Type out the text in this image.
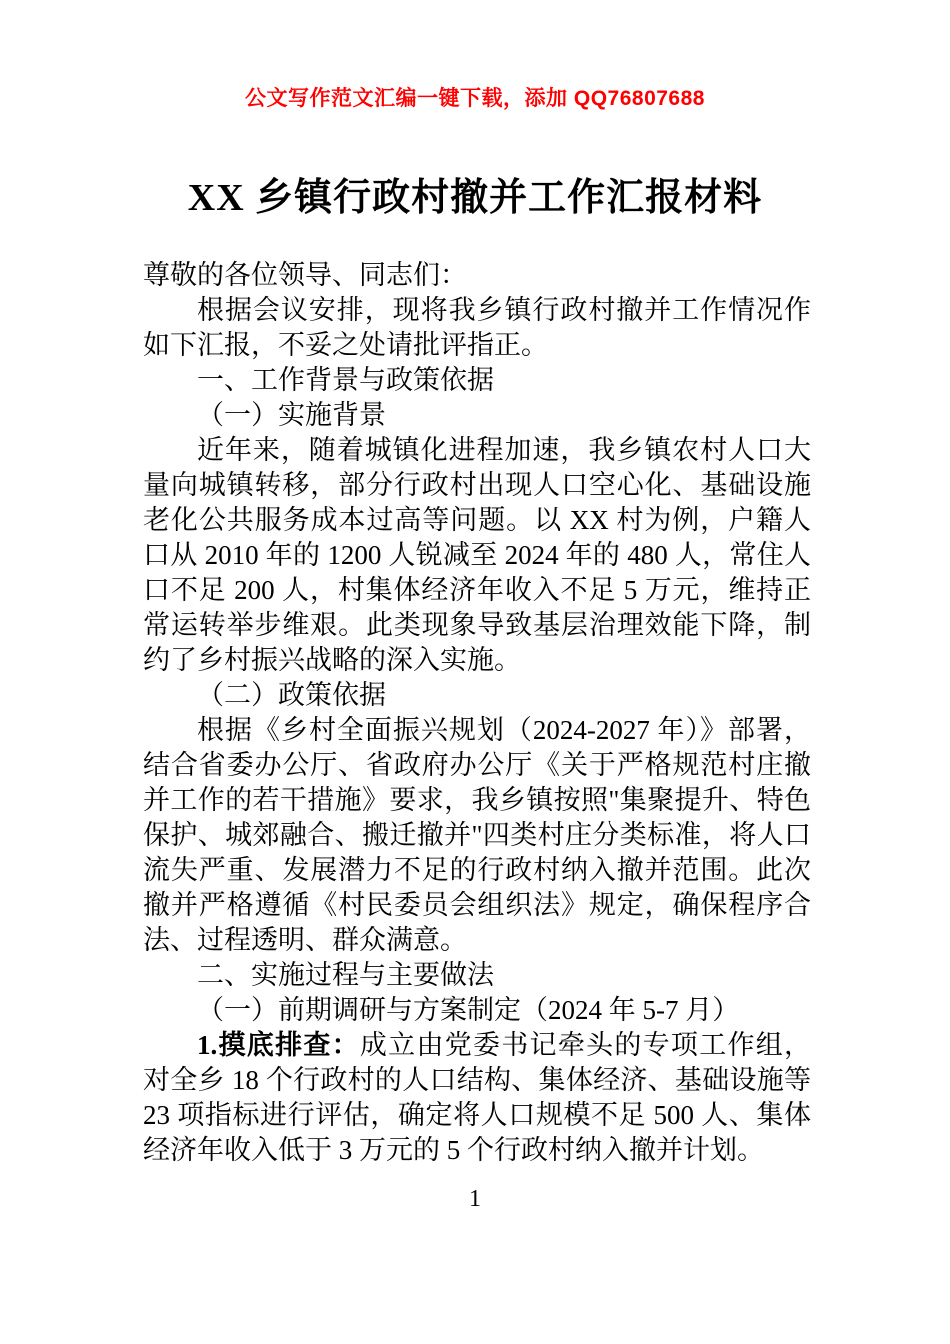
公文写作范文汇编一键下载，添加 QQ76807688
XX 乡镇行政村撤并工作汇报材料

尊敬的各位领导、同志们：

根据会议安排，现将我乡镇行政村撤并工作情况作如下汇报，不妥之处请批评指正。

一、工作背景与政策依据

（一）实施背景

近年来，随着城镇化进程加速，我乡镇农村人口大量向城镇转移，部分行政村出现人口空心化、基础设施老化公共服务成本过高等问题。以 XX 村为例，户籍人口从 2010 年的 1200 人锐减至 2024 年的 480 人，常住人口不足 200 人，村集体经济年收入不足 5 万元，维持正常运转举步维艰。此类现象导致基层治理效能下降，制约了乡村振兴战略的深入实施。

（二）政策依据

根据《乡村全面振兴规划（2024-2027 年）》部署，结合省委办公厅、省政府办公厅《关于严格规范村庄撤并工作的若干措施》要求，我乡镇按照"集聚提升、特色保护、城郊融合、搬迁撤并"四类村庄分类标准，将人口流失严重、发展潜力不足的行政村纳入撤并范围。此次撤并严格遵循《村民委员会组织法》规定，确保程序合法、过程透明、群众满意。

二、实施过程与主要做法

（一）前期调研与方案制定（2024 年 5-7 月）

1.摸底排查：成立由党委书记牵头的专项工作组，对全乡 18 个行政村的人口结构、集体经济、基础设施等 23 项指标进行评估，确定将人口规模不足 500 人、集体经济年收入低于 3 万元的 5 个行政村纳入撤并计划。

1
